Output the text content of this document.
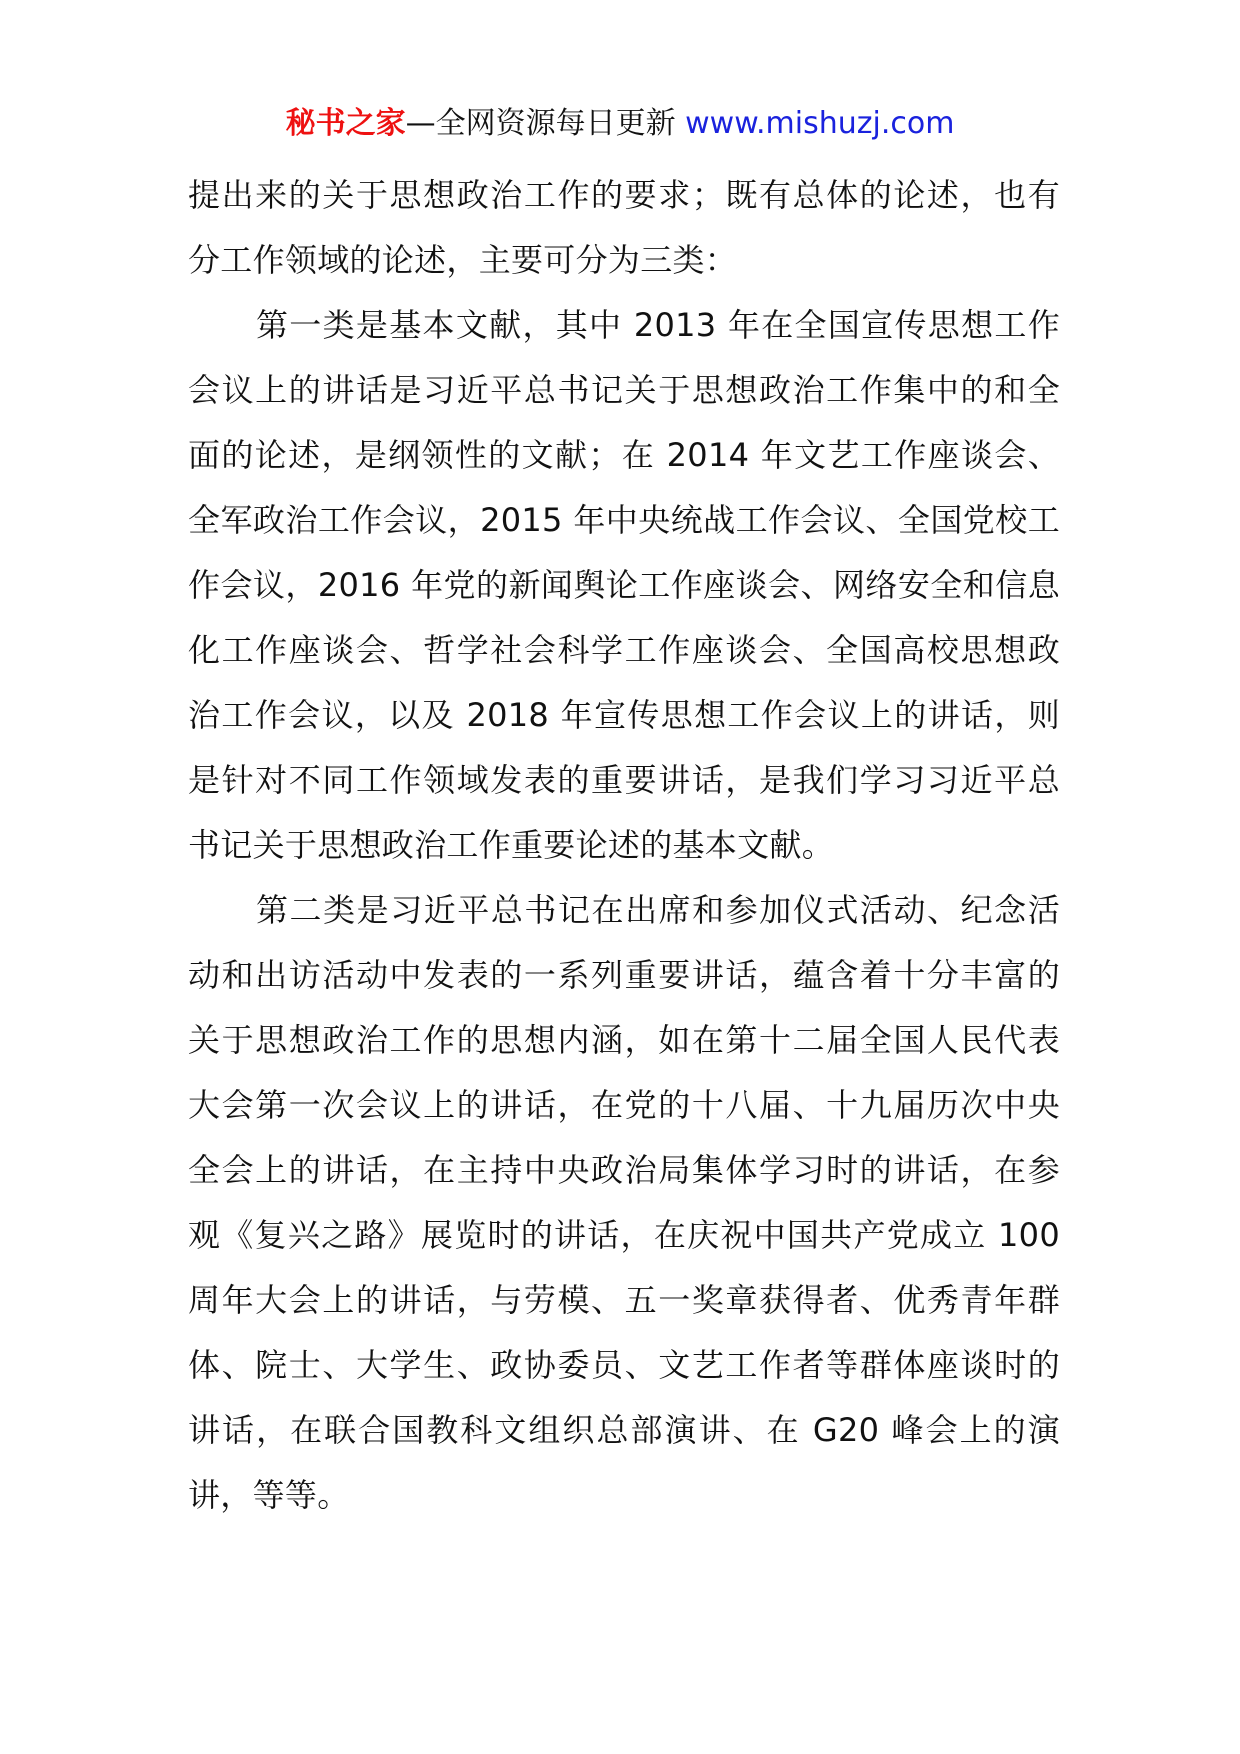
秘书之家—全网资源每日更新 www.mishuzj.com

提出来的关于思想政治工作的要求；既有总体的论述，也有分工作领域的论述，主要可分为三类：

第一类是基本文献，其中 2013 年在全国宣传思想工作会议上的讲话是习近平总书记关于思想政治工作集中的和全面的论述，是纲领性的文献；在 2014 年文艺工作座谈会、全军政治工作会议，2015 年中央统战工作会议、全国党校工作会议，2016 年党的新闻舆论工作座谈会、网络安全和信息化工作座谈会、哲学社会科学工作座谈会、全国高校思想政治工作会议，以及 2018 年宣传思想工作会议上的讲话，则是针对不同工作领域发表的重要讲话，是我们学习习近平总书记关于思想政治工作重要论述的基本文献。

第二类是习近平总书记在出席和参加仪式活动、纪念活动和出访活动中发表的一系列重要讲话，蕴含着十分丰富的关于思想政治工作的思想内涵，如在第十二届全国人民代表大会第一次会议上的讲话，在党的十八届、十九届历次中央全会上的讲话，在主持中央政治局集体学习时的讲话，在参观《复兴之路》展览时的讲话，在庆祝中国共产党成立 100 周年大会上的讲话，与劳模、五一奖章获得者、优秀青年群体、院士、大学生、政协委员、文艺工作者等群体座谈时的讲话，在联合国教科文组织总部演讲、在 G20 峰会上的演讲，等等。
